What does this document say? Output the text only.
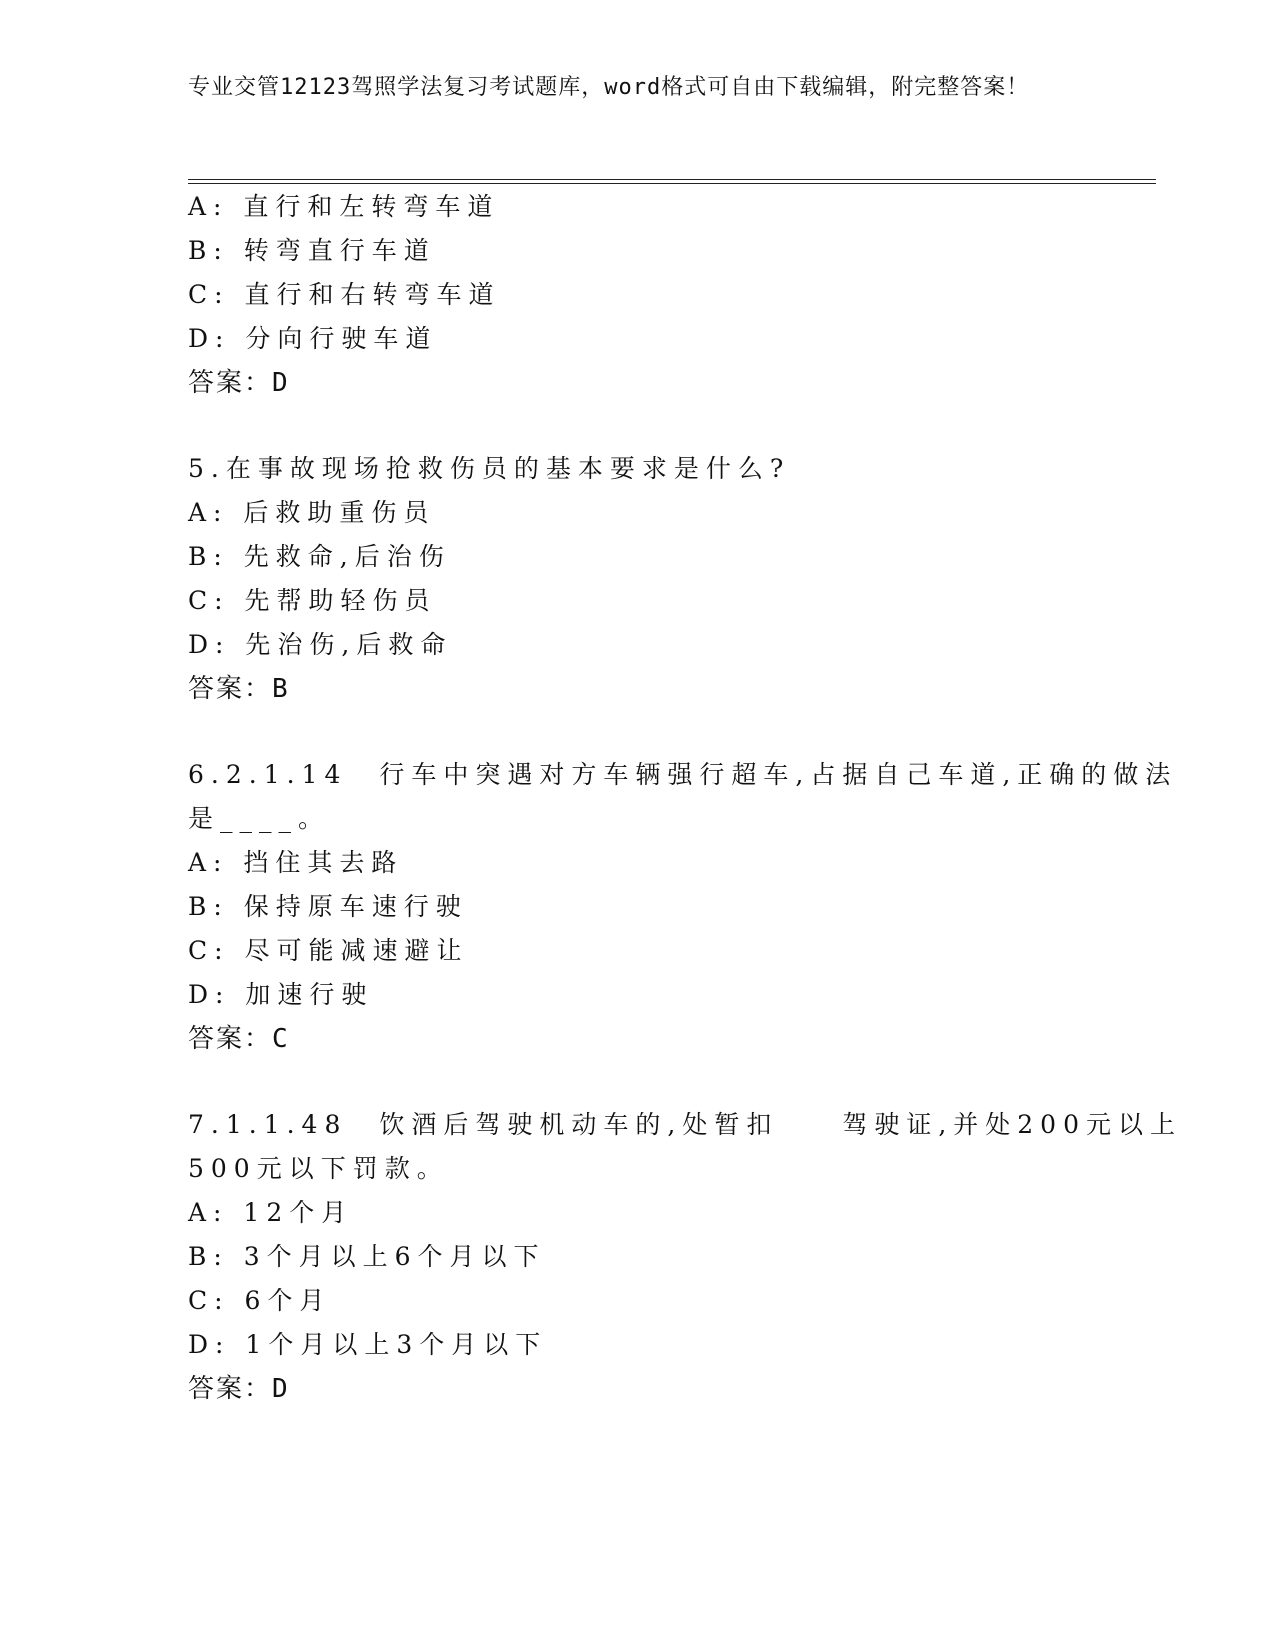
专业交管12123驾照学法复习考试题库，word格式可自由下载编辑，附完整答案！
A: 直行和左转弯车道
B: 转弯直行车道
C: 直行和右转弯车道
D: 分向行驶车道
答案：D
5.在事故现场抢救伤员的基本要求是什么?
A: 后救助重伤员
B: 先救命,后治伤
C: 先帮助轻伤员
D: 先治伤,后救命
答案：B
6.2.1.14　行车中突遇对方车辆强行超车,占据自己车道,正确的做法
是____。
A: 挡住其去路
B: 保持原车速行驶
C: 尽可能减速避让
D: 加速行驶
答案：C
7.1.1.48　饮酒后驾驶机动车的,处暂扣　　驾驶证,并处200元以上
500元以下罚款。
A: 12个月
B: 3个月以上6个月以下
C: 6个月
D: 1个月以上3个月以下
答案：D
